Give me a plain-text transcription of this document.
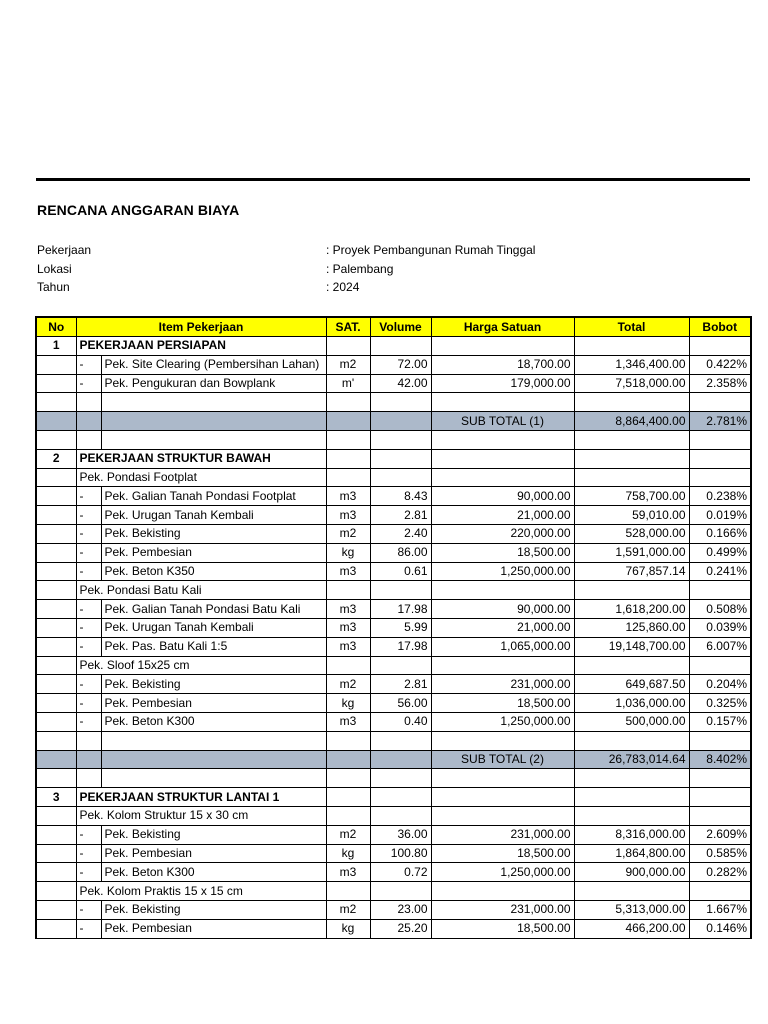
RENCANA ANGGARAN BIAYA
Pekerjaan	: Proyek Pembangunan Rumah Tinggal
Lokasi	: Palembang
Tahun	: 2024
No	Item Pekerjaan		SAT.	Volume	Harga Satuan	Total	Bobot
1	PEKERJAAN PERSIAPAN						
	-	Pek. Site Clearing (Pembersihan Lahan)	m2	72.00	18,700.00	1,346,400.00	0.422%
	-	Pek. Pengukuran dan Bowplank	m'	42.00	179,000.00	7,518,000.00	2.358%

					SUB TOTAL (1)	8,864,400.00	2.781%

2	PEKERJAAN STRUKTUR BAWAH						
	Pek. Pondasi Footplat						
	-	Pek. Galian Tanah Pondasi Footplat	m3	8.43	90,000.00	758,700.00	0.238%
	-	Pek. Urugan Tanah Kembali	m3	2.81	21,000.00	59,010.00	0.019%
	-	Pek. Bekisting	m2	2.40	220,000.00	528,000.00	0.166%
	-	Pek. Pembesian	kg	86.00	18,500.00	1,591,000.00	0.499%
	-	Pek. Beton K350	m3	0.61	1,250,000.00	767,857.14	0.241%
	Pek. Pondasi Batu Kali						
	-	Pek. Galian Tanah Pondasi Batu Kali	m3	17.98	90,000.00	1,618,200.00	0.508%
	-	Pek. Urugan Tanah Kembali	m3	5.99	21,000.00	125,860.00	0.039%
	-	Pek. Pas. Batu Kali 1:5	m3	17.98	1,065,000.00	19,148,700.00	6.007%
	Pek. Sloof 15x25 cm						
	-	Pek. Bekisting	m2	2.81	231,000.00	649,687.50	0.204%
	-	Pek. Pembesian	kg	56.00	18,500.00	1,036,000.00	0.325%
	-	Pek. Beton K300	m3	0.40	1,250,000.00	500,000.00	0.157%

					SUB TOTAL (2)	26,783,014.64	8.402%

3	PEKERJAAN STRUKTUR LANTAI 1						
	Pek. Kolom Struktur 15 x 30 cm						
	-	Pek. Bekisting	m2	36.00	231,000.00	8,316,000.00	2.609%
	-	Pek. Pembesian	kg	100.80	18,500.00	1,864,800.00	0.585%
	-	Pek. Beton K300	m3	0.72	1,250,000.00	900,000.00	0.282%
	Pek. Kolom Praktis 15 x 15 cm						
	-	Pek. Bekisting	m2	23.00	231,000.00	5,313,000.00	1.667%
	-	Pek. Pembesian	kg	25.20	18,500.00	466,200.00	0.146%
